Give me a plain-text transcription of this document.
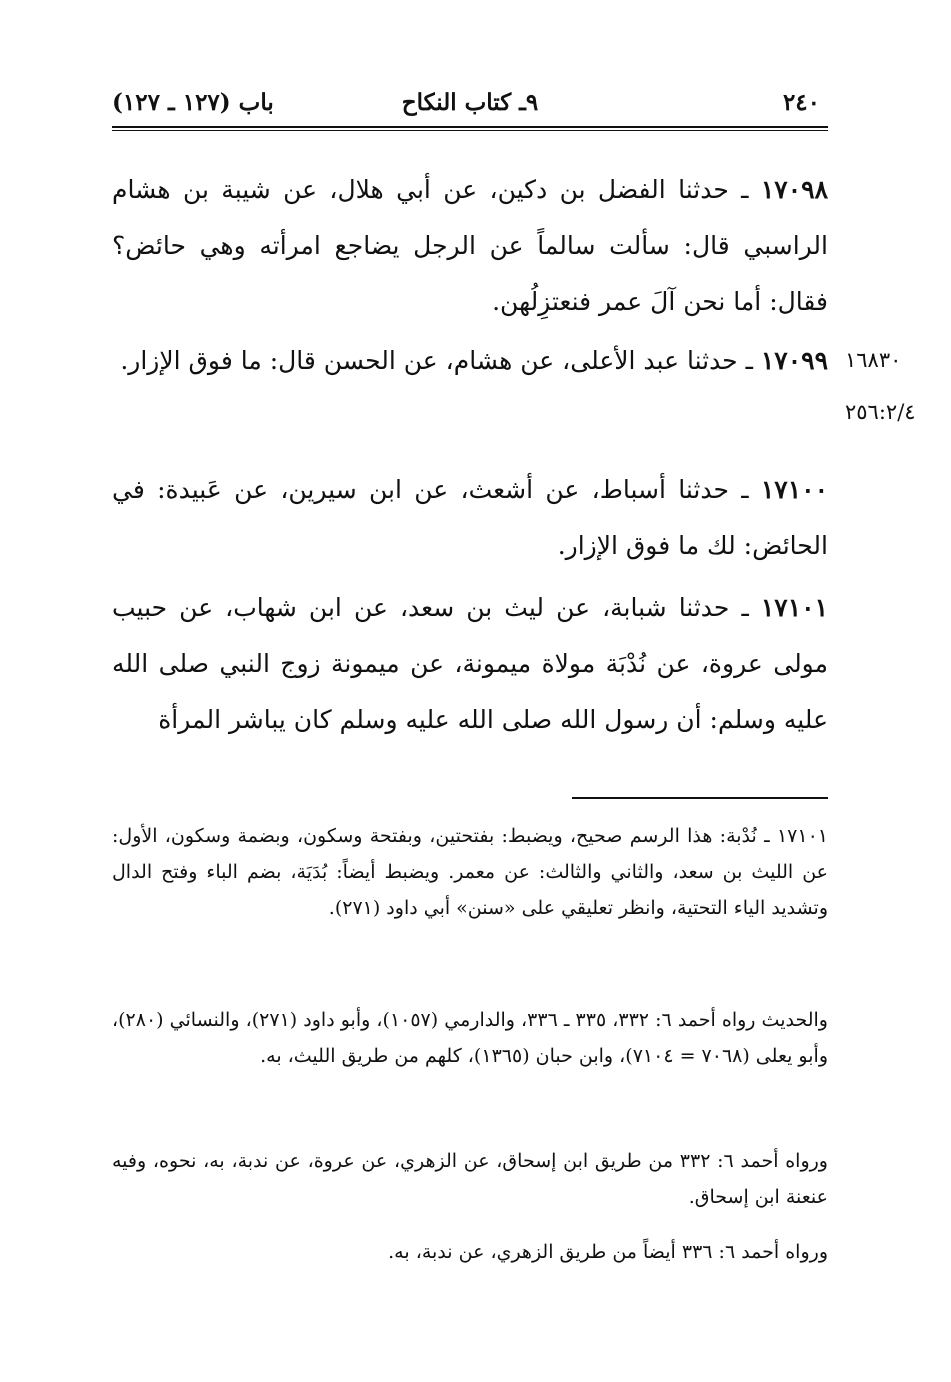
٢٤٠
٩ـ كتاب النكاح
باب (١٢٧ ـ ١٢٧)
١٧٠٩٨ ـ حدثنا الفضل بن دكين، عن أبي هلال، عن شيبة بن هشام الراسبي قال: سألت سالماً عن الرجل يضاجع امرأته وهي حائض؟ فقال: أما نحن آلَ عمر فنعتزِلُهن.
١٦٨٣٠
٢٥٦:٢/٤
١٧٠٩٩ ـ حدثنا عبد الأعلى، عن هشام، عن الحسن قال: ما فوق الإزار.
١٧١٠٠ ـ حدثنا أسباط، عن أشعث، عن ابن سيرين، عن عَبيدة: في الحائض: لك ما فوق الإزار.
١٧١٠١ ـ حدثنا شبابة، عن ليث بن سعد، عن ابن شهاب، عن حبيب مولى عروة، عن نُدْبَة مولاة ميمونة، عن ميمونة زوج النبي صلى الله عليه وسلم: أن رسول الله صلى الله عليه وسلم كان يباشر المرأة
١٧١٠١ ـ نُدْبة: هذا الرسم صحيح، ويضبط: بفتحتين، وبفتحة وسكون، وبضمة وسكون، الأول: عن الليث بن سعد، والثاني والثالث: عن معمر. ويضبط أيضاً: بُدَيَة، بضم الباء وفتح الدال وتشديد الياء التحتية، وانظر تعليقي على «سنن» أبي داود (٢٧١).
والحديث رواه أحمد ٦: ٣٣٢، ٣٣٥ ـ ٣٣٦، والدارمي (١٠٥٧)، وأبو داود (٢٧١)، والنسائي (٢٨٠)، وأبو يعلى (٧٠٦٨ = ٧١٠٤)، وابن حبان (١٣٦٥)، كلهم من طريق الليث، به.
ورواه أحمد ٦: ٣٣٢ من طريق ابن إسحاق، عن الزهري، عن عروة، عن ندبة، به، نحوه، وفيه عنعنة ابن إسحاق.
ورواه أحمد ٦: ٣٣٦ أيضاً من طريق الزهري، عن ندبة، به.
